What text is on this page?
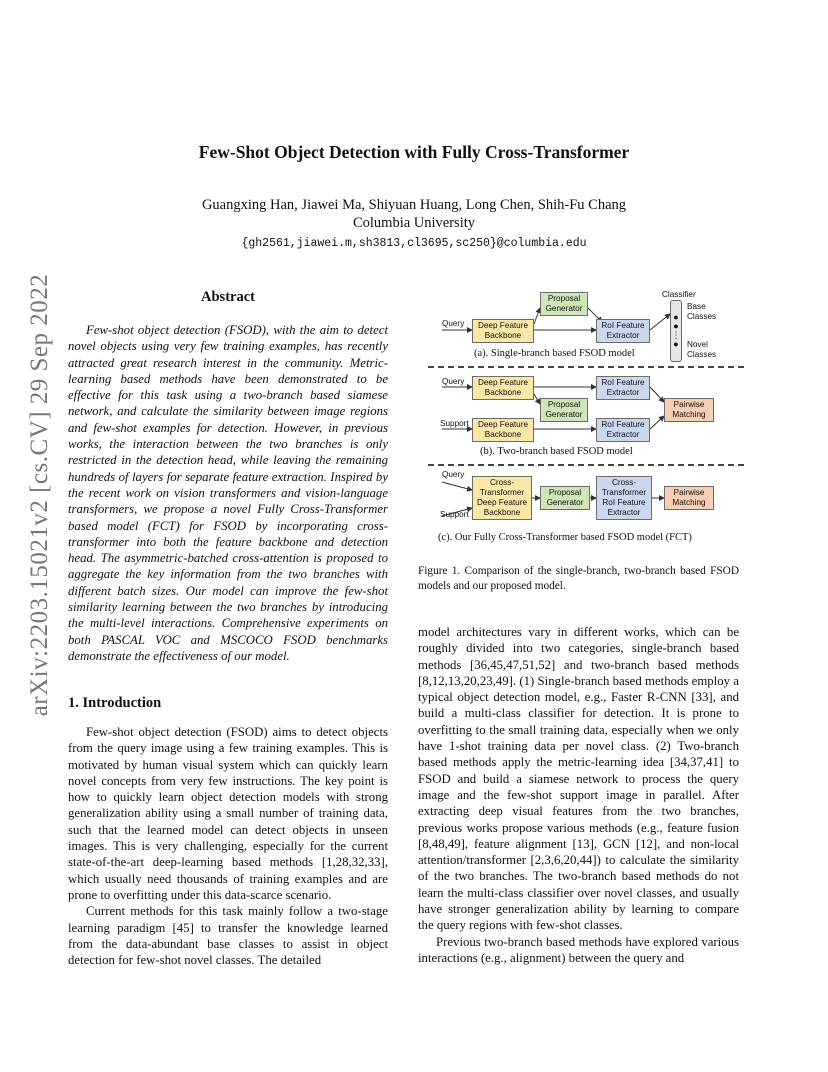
arXiv:2203.15021v2 [cs.CV] 29 Sep 2022
Few-Shot Object Detection with Fully Cross-Transformer
Guangxing Han, Jiawei Ma, Shiyuan Huang, Long Chen, Shih-Fu Chang
Columbia University
{gh2561,jiawei.m,sh3813,cl3695,sc250}@columbia.edu
Abstract
Few-shot object detection (FSOD), with the aim to detect novel objects using very few training examples, has recently attracted great research interest in the community. Metric-learning based methods have been demonstrated to be effective for this task using a two-branch based siamese network, and calculate the similarity between image regions and few-shot examples for detection. However, in previous works, the interaction between the two branches is only restricted in the detection head, while leaving the remaining hundreds of layers for separate feature extraction. Inspired by the recent work on vision transformers and vision-language transformers, we propose a novel Fully Cross-Transformer based model (FCT) for FSOD by incorporating cross-transformer into both the feature backbone and detection head. The asymmetric-batched cross-attention is proposed to aggregate the key information from the two branches with different batch sizes. Our model can improve the few-shot similarity learning between the two branches by introducing the multi-level interactions. Comprehensive experiments on both PASCAL VOC and MSCOCO FSOD benchmarks demonstrate the effectiveness of our model.
1. Introduction

Few-shot object detection (FSOD) aims to detect objects from the query image using a few training examples. This is motivated by human visual system which can quickly learn novel concepts from very few instructions. The key point is how to quickly learn object detection models with strong generalization ability using a small number of training data, such that the learned model can detect objects in unseen images. This is very challenging, especially for the current state-of-the-art deep-learning based methods [1,28,32,33], which usually need thousands of training examples and are prone to overfitting under this data-scarce scenario.

Current methods for this task mainly follow a two-stage learning paradigm [45] to transfer the knowledge learned from the data-abundant base classes to assist in object detection for few-shot novel classes. The detailed

Classifier
●
●
⋮
●
Base Classes
Novel Classes
Query	Deep Feature Backbone
Proposal Generator
RoI Feature Extractor
(a). Single-branch based FSOD model
Query	Deep Feature Backbone
Proposal Generator
RoI Feature Extractor
Pairwise Matching
Support	Deep Feature Backbone
RoI Feature Extractor
(b). Two-branch based FSOD model
Query
Support
Cross-Transformer Deep Feature Backbone
Proposal Generator
Cross-Transformer RoI Feature Extractor
Pairwise Matching
(c). Our Fully Cross-Transformer based FSOD model (FCT)
Figure 1. Comparison of the single-branch, two-branch based FSOD models and our proposed model.

model architectures vary in different works, which can be roughly divided into two categories, single-branch based methods [36,45,47,51,52] and two-branch based methods [8,12,13,20,23,49]. (1) Single-branch based methods employ a typical object detection model, e.g., Faster R-CNN [33], and build a multi-class classifier for detection. It is prone to overfitting to the small training data, especially when we only have 1-shot training data per novel class. (2) Two-branch based methods apply the metric-learning idea [34,37,41] to FSOD and build a siamese network to process the query image and the few-shot support image in parallel. After extracting deep visual features from the two branches, previous works propose various methods (e.g., feature fusion [8,48,49], feature alignment [13], GCN [12], and non-local attention/transformer [2,3,6,20,44]) to calculate the similarity of the two branches. The two-branch based methods do not learn the multi-class classifier over novel classes, and usually have stronger generalization ability by learning to compare the query regions with few-shot classes.

Previous two-branch based methods have explored various interactions (e.g., alignment) between the query and
